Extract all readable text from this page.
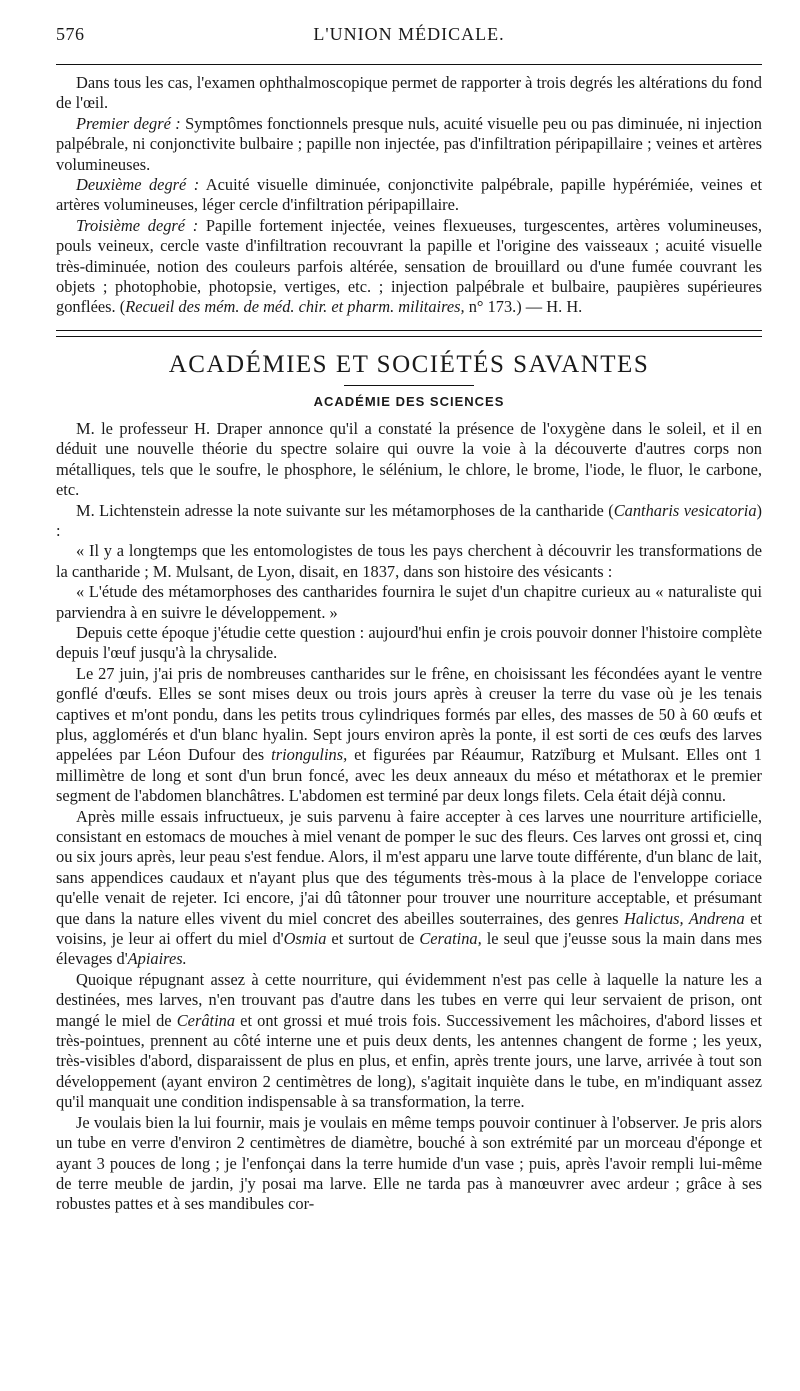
576	L'UNION MÉDICALE.

Dans tous les cas, l'examen ophthalmoscopique permet de rapporter à trois degrés les altérations du fond de l'œil.

Premier degré : Symptômes fonctionnels presque nuls, acuité visuelle peu ou pas diminuée, ni injection palpébrale, ni conjonctivite bulbaire ; papille non injectée, pas d'infiltration péripapillaire ; veines et artères volumineuses.

Deuxième degré : Acuité visuelle diminuée, conjonctivite palpébrale, papille hypérémiée, veines et artères volumineuses, léger cercle d'infiltration péripapillaire.

Troisième degré : Papille fortement injectée, veines flexueuses, turgescentes, artères volumineuses, pouls veineux, cercle vaste d'infiltration recouvrant la papille et l'origine des vaisseaux ; acuité visuelle très-diminuée, notion des couleurs parfois altérée, sensation de brouillard ou d'une fumée couvrant les objets ; photophobie, photopsie, vertiges, etc. ; injection palpébrale et bulbaire, paupières supérieures gonflées. (Recueil des mém. de méd. chir. et pharm. militaires, n° 173.) — H. H.

ACADÉMIES ET SOCIÉTÉS SAVANTES
ACADÉMIE DES SCIENCES

M. le professeur H. Draper annonce qu'il a constaté la présence de l'oxygène dans le soleil, et il en déduit une nouvelle théorie du spectre solaire qui ouvre la voie à la découverte d'autres corps non métalliques, tels que le soufre, le phosphore, le sélénium, le chlore, le brome, l'iode, le fluor, le carbone, etc.

M. Lichtenstein adresse la note suivante sur les métamorphoses de la cantharide (Cantharis vesicatoria) :

« Il y a longtemps que les entomologistes de tous les pays cherchent à découvrir les transformations de la cantharide ; M. Mulsant, de Lyon, disait, en 1837, dans son histoire des vésicants :

« L'étude des métamorphoses des cantharides fournira le sujet d'un chapitre curieux au « naturaliste qui parviendra à en suivre le développement. »

Depuis cette époque j'étudie cette question : aujourd'hui enfin je crois pouvoir donner l'histoire complète depuis l'œuf jusqu'à la chrysalide.

Le 27 juin, j'ai pris de nombreuses cantharides sur le frêne, en choisissant les fécondées ayant le ventre gonflé d'œufs. Elles se sont mises deux ou trois jours après à creuser la terre du vase où je les tenais captives et m'ont pondu, dans les petits trous cylindriques formés par elles, des masses de 50 à 60 œufs et plus, agglomérés et d'un blanc hyalin. Sept jours environ après la ponte, il est sorti de ces œufs des larves appelées par Léon Dufour des triongulins, et figurées par Réaumur, Ratzïburg et Mulsant. Elles ont 1 millimètre de long et sont d'un brun foncé, avec les deux anneaux du méso et métathorax et le premier segment de l'abdomen blanchâtres. L'abdomen est terminé par deux longs filets. Cela était déjà connu.

Après mille essais infructueux, je suis parvenu à faire accepter à ces larves une nourriture artificielle, consistant en estomacs de mouches à miel venant de pomper le suc des fleurs. Ces larves ont grossi et, cinq ou six jours après, leur peau s'est fendue. Alors, il m'est apparu une larve toute différente, d'un blanc de lait, sans appendices caudaux et n'ayant plus que des téguments très-mous à la place de l'enveloppe coriace qu'elle venait de rejeter. Ici encore, j'ai dû tâtonner pour trouver une nourriture acceptable, et présumant que dans la nature elles vivent du miel concret des abeilles souterraines, des genres Halictus, Andrena et voisins, je leur ai offert du miel d'Osmia et surtout de Ceratina, le seul que j'eusse sous la main dans mes élevages d'Apiaires.

Quoique répugnant assez à cette nourriture, qui évidemment n'est pas celle à laquelle la nature les a destinées, mes larves, n'en trouvant pas d'autre dans les tubes en verre qui leur servaient de prison, ont mangé le miel de Cerâtina et ont grossi et mué trois fois. Successivement les mâchoires, d'abord lisses et très-pointues, prennent au côté interne une et puis deux dents, les antennes changent de forme ; les yeux, très-visibles d'abord, disparaissent de plus en plus, et enfin, après trente jours, une larve, arrivée à tout son développement (ayant environ 2 centimètres de long), s'agitait inquiète dans le tube, en m'indiquant assez qu'il manquait une condition indispensable à sa transformation, la terre.

Je voulais bien la lui fournir, mais je voulais en même temps pouvoir continuer à l'observer. Je pris alors un tube en verre d'environ 2 centimètres de diamètre, bouché à son extrémité par un morceau d'éponge et ayant 3 pouces de long ; je l'enfonçai dans la terre humide d'un vase ; puis, après l'avoir rempli lui-même de terre meuble de jardin, j'y posai ma larve. Elle ne tarda pas à manœuvrer avec ardeur ; grâce à ses robustes pattes et à ses mandibules cor-
